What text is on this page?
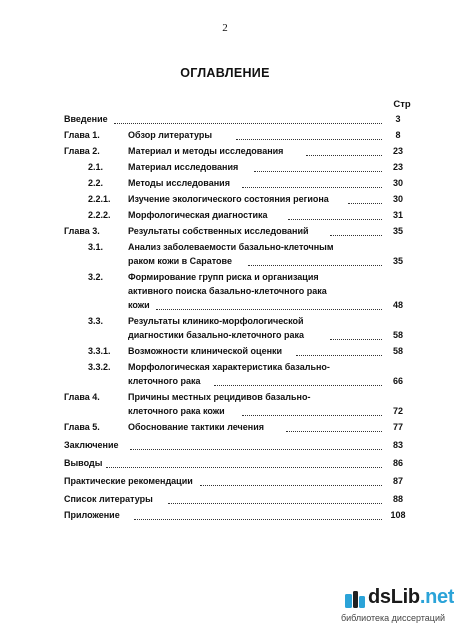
2
ОГЛАВЛЕНИЕ
Стр
Введение	3
Глава 1.	Обзор литературы	8
Глава 2.	Материал и методы исследования	23
2.1.	Материал исследования	23
2.2.	Методы исследования	30
2.2.1. Изучение экологического состояния региона	30
2.2.2. Морфологическая диагностика	31
Глава 3.	Результаты собственных исследований	35
3.1.	Анализ заболеваемости базально-клеточным
раком кожи в Саратове	35
3.2.	Формирование групп риска и организация
активного поиска базально-клеточного рака
кожи	48
3.3.	Результаты клинико-морфологической
диагностики базально-клеточного рака	58
3.3.1. Возможности клинической оценки	58
3.3.2. Морфологическая характеристика базально-
клеточного рака	66
Глава 4.	Причины местных рецидивов базально-
клеточного рака кожи	72
Глава 5.	Обоснование тактики лечения	77
Заключение	83
Выводы	86
Практические рекомендации	87
Список литературы	88
Приложение	108
dsLib.net
библиотека диссертаций
